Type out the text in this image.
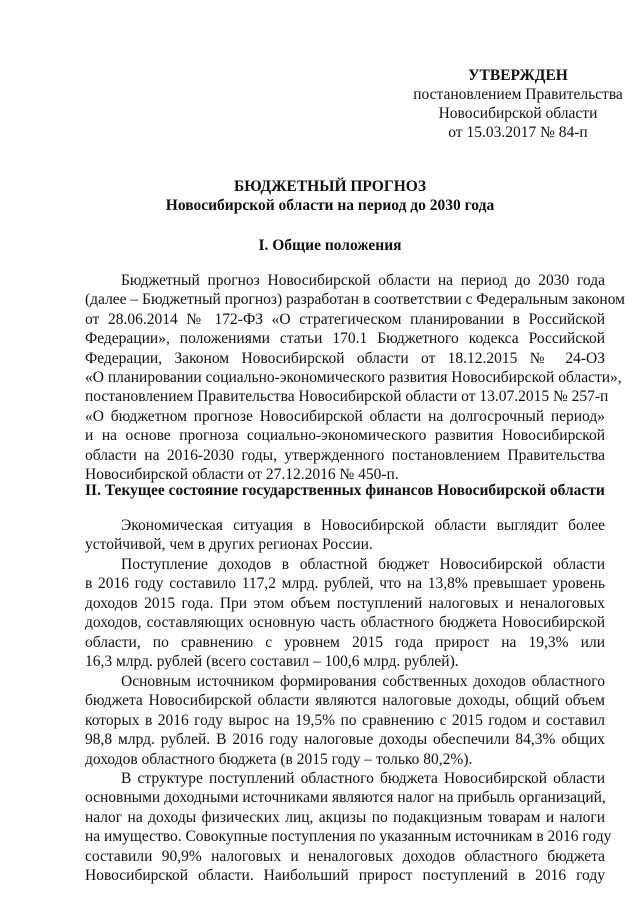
УТВЕРЖДЕН
постановлением Правительства
Новосибирской области
от 15.03.2017 № 84-п
БЮДЖЕТНЫЙ ПРОГНОЗ
Новосибирской области на период до 2030 года
I. Общие положения
Бюджетный прогноз Новосибирской области на период до 2030 года
(далее – Бюджетный прогноз) разработан в соответствии с Федеральным законом
от 28.06.2014 № 172-ФЗ «О стратегическом планировании в Российской
Федерации», положениями статьи 170.1 Бюджетного кодекса Российской
Федерации, Законом Новосибирской области от 18.12.2015 № 24-ОЗ
«О планировании социально-экономического развития Новосибирской области»,
постановлением Правительства Новосибирской области от 13.07.2015 № 257-п
«О бюджетном прогнозе Новосибирской области на долгосрочный период»
и на основе прогноза социально-экономического развития Новосибирской
области на 2016-2030 годы, утвержденного постановлением Правительства
Новосибирской области от 27.12.2016 № 450-п.
II. Текущее состояние государственных финансов Новосибирской области
Экономическая ситуация в Новосибирской области выглядит более
устойчивой, чем в других регионах России.
Поступление доходов в областной бюджет Новосибирской области
в 2016 году составило 117,2 млрд. рублей, что на 13,8% превышает уровень
доходов 2015 года. При этом объем поступлений налоговых и неналоговых
доходов, составляющих основную часть областного бюджета Новосибирской
области, по сравнению с уровнем 2015 года прирост на 19,3% или
16,3 млрд. рублей (всего составил – 100,6 млрд. рублей).
Основным источником формирования собственных доходов областного
бюджета Новосибирской области являются налоговые доходы, общий объем
которых в 2016 году вырос на 19,5% по сравнению с 2015 годом и составил
98,8 млрд. рублей. В 2016 году налоговые доходы обеспечили 84,3% общих
доходов областного бюджета (в 2015 году – только 80,2%).
В структуре поступлений областного бюджета Новосибирской области
основными доходными источниками являются налог на прибыль организаций,
налог на доходы физических лиц, акцизы по подакцизным товарам и налоги
на имущество. Совокупные поступления по указанным источникам в 2016 году
составили 90,9% налоговых и неналоговых доходов областного бюджета
Новосибирской области. Наибольший прирост поступлений в 2016 году
